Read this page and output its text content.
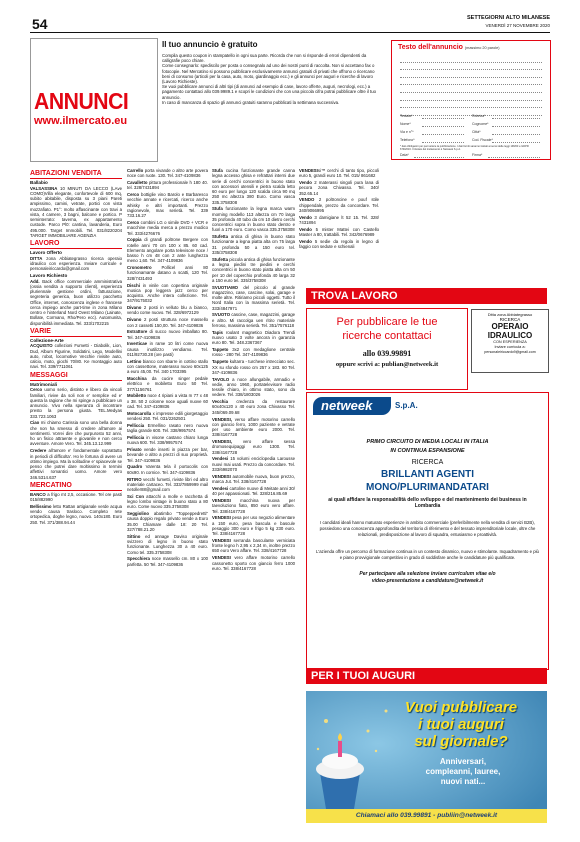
54	SETTEGIORNI ALTO MILANESE
VENERDÌ 27 NOVEMBRE 2020
ANNUNCI
www.ilmercato.eu
Il tuo annuncio è gratuito

Compila questo coupon in stampatello in ogni sua parte. Ricorda che non si risponde di errori dipendenti da calligrafie poco chiare.

Come consegnarlo: spediscilo per posta o consegnalo ad uno dei nostri punti di raccolta. Non si accettano fax o fotocopie. Nel Mercatino si possono pubblicare esclusivamente annunci gratuiti di privati che offrono o ricercano beni di consumo (articoli per la casa, auto, moto, giardinaggio ecc.) e gli annunci per auguri e ricerche di lavoro (Lavoro Richieste).

Se vuoi pubblicare annunci di altri tipi (di annunci ad esempio di case, lavoro offerte, auguri, necrologi, ecc.) a pagamento contattaci allo 039.9989.1 e scopri le condizioni che con una piccola cifra potrai pubblicare oltre il tuo annuncio.

In caso di mancanza di spazio gli annunci gratuiti saranno pubblicati la settimana successiva.

Testo dell'annuncio (massimo 20 parole)
Testata*	Rubrica*
Nome*	Cognome*
Via e n°*	Città*
Telefono*	Cod. Fiscale*
* dati obbligatori per permettere la pubblicazione. I dati forniti saranno trattati ai sensi delle leggi 196/03 e GDPR 679/2016. Il titolare del trattamento è Netweek S.p.A.
Data*	Firma*
ABITAZIONI VENDITA
Ballabio

VALSASSINA 10 MINUTI DA LECCO (LAve COMO)Villa elegante, confortevole di 600 mq, subito abitabile, disposta su 3 piani Pareti ampissimo, camini, vetrate, portici con vista mozzafiato. P1°: molto affascinante con travi a vista, 4 camere, 3 bagni, balcone e portico. P seminterrato: taverna, ex appartamento custode. Parco Pl0: cantina, lavanderia, Euro 495.000. Target Immobili. Tel. 031/8220204 TARGET IMMOBILIARE AGENZIA

LAVORO
Lavoro Offerto

DITTA zona Abbiategrasso ricerca operaio idraulico con esperienza. Inviare curricule e personaleiriccardo@gmail.com

Lavoro Richiesto

Add. Back office commerciale amministrativa (ossia vendita a supporto clienti), esperienza pluriennale gestione ordini, fatturazione, segreteria generica, buon utilizzo pacchetto Office, internet, conoscenza inglese e francese cerca impiego anche part-time in zona Milano centro e hinterland Nord Ovest Milano (Lainate, Bollate, Cormano, Rho/Pero ecc). Automunita, disponibilità immediata. Tel. 333/1702215

VARIE
Collezione-Arte

ACQUISTO collezioni Fumetti - Diabolik, Lion, Dud, Album Figurine, Soldatini, Lego, Modellini auto, robot, locomotive Vecchie rivisite auto, calcio, moto, giochi 70/80. Ke montaggio auto navi. Tel. 339/7711061

MESSAGGI
Matrimoniali

Cerco uomo serio, distinto e libero da vincoli familiari, rivive da soli non e' semplice ed e' questa la ragione che mi spinge a pubblicare un annuncio. Vivo nella speranza di incontrare presto la persona giusta. TEL.Medyas 333.723.1063

Ciao mi chiamo Carissia sono una bella donna che non ha smesso di credere all'amore ai sentimenti. Vorrei dire che purpurosto 52 anni, ho un fisico attraente e giovanile e non cerco avventure. Amore Vero. Tel. 345.13.12.999

Credere all'amore e' fondamentale soprattutto in periodi di difficolta'. Ho le fortuna di avere un ottimo impiego. Ma la solitudine e' spiacevole se penso che potrei dare moltissimo in termini affettivi romantici uomo. Amore vero 346.5314.637

MERCATINO

BANCO a frigo mt 2,5, occasione. Tel ore pasti 015/882990

Bellissimo letto Rattan artigianale verde acqua vendo causa trasloco. Completo rete ortopedica, doghe legno, nuovo. 140x180. Euro 250. Tel. 371/388.94.44

Carrello porta vivande o altro arte povera noce con ruote. 130. Tel. 347-4109836

Cavalletto pittura professionale h 180 40. tel. 328/7431894

Cerco bottiglie vino Barolo e Barbaresco vecchie annate e ricercati, ricerco anche whisky e altri importanti. Prezzo ragionevole, max serietà. Tel. 339 733.16.27

Cerco combini LG o simile DVD + VCR e macchine media merca a prezzo modico Tel. 333/4276676

Coppia di grandi poltrone Bergere con rotelle anni 70 cm 100 x 85. 60 cad. Elemento angolare porta televisore noce / basso h cm 48 con 2 ante lunghezza meno 1,60. Tel. 347-4109836

Cronometro Pollicel anni 80 funzionamante datano a scatti, 120 Tel. 328/7431493

Dischi in vinile con copertina originale musica pop leggera jazz cerco per acquisto. Anche intera collezione. Tel. 347/9175032

Divano 2 posti in velluto blu a bianco, vendo come nuovo. Tel. 328/6972129

Divano 2 posti struttura noce massello con 2 cassetti 150,00. Tel. 347-4109836

Estrattore di succo nuovo imballato 80. Tel. 347-4109836

Inverticae in rame 10 litri come nuova causa inutilizzo vendiamo. Tel. 011/92730.28 (ore pasti)

Lettino bianco con sbarre in cottino stallo con cassettone, materasso nuovo 60x125 a euro 45,00. Tel. 340 1703395

Macchina da cucire singer pedale elettrico e mobiletto Euro 50 Tel. 377/1156761

Mobiletto noce 4 ripiani a vista m 77 x 48 x 38. 50 2 colonne noce uguali nuove 60 cad. Tel. 347-4109836

Motocarolla x impresse edili giorgetaggio vendesi 250. Tel. 031/2262501

Pelliccia Ermellino rasato nero nuova taglia grande 600. Tel. 338/9957574

Pelliccia in visone castano chiaro lunga nuova 600. Tel. 338/9957574

Privato vende inserti in piazza per bar, bevande o altro a prezzi di suo proprietà. Tel. 347-4109836

Quadro Varenta tela il portocolis con 60x90. In cornice. Tel. 347-4109836

RITIRO vecchi fumetti, riviste libri ed altro materiale cartaceo. Tel. 333/7869999 mail netoller88@gmail.com

Sci Con attacchi a molle e racchetta di legno lombo vintage in buono stato a 80 euro. Come nuovo 335.3758308

Seggiolino abatimbo "Toppeppedretti" causa doppio regalo privato vende a Euro 35.00 Chiamare dalle 18: 20 Tel. 327/788.21.20

Sittino ed annage Daviso originale svizzero di legno in buono stato funzionante. Lunghezza 30 a 40 euro. Como tel. 335.3758308

Specchiera noce massello cm. 80 x 100 parfetta. 50 Tel. 347-4109836

Stufa cucina funzionante grande canna legna accesso ghisa e refrattari interni due serie di cerchi concentrici in buono stato con accessori utensili e pietra scalda letto 60 euro per lungo 120 scalda circa 90 mq 250 mc altezza 380 Euro. Como vasca 335.3758308

Stufa funzionante la legna marca warm morning modello 113 altezza cm 70 larga 35 profonda 40 tubo da cm 10 dietro cerchi concentrici sopra in buono stato dentro e fuori a 170 euro. Como vasca 335.3758308

Stufetta antica di ghisa in buono stato funzionante a legna piatta alta cm 75 larga 31 profonda 50 a 150 euro tel. 335/3758308

Stufetta piccola antica di ghisa funzionante a legna piedini tre piedini e cerchi concentrici in buono stato piatta alta cm 50 per 10 del coperchio profonda 40 larga 32 a 150 euro tel. 335/3758308

SVUOTIAMO del piccolo al grande magazzino, case, cascine, solai, garage e molte altre. Ritiriamo piccoli oggetti. Tutto il Nord Italia con la massima serietà. Tel. 333/4847971

SVUOTO cascine, case, magazzini, garage e altro. Mi raccolga uen ritiro materiale ferroso, massima serietà. Tel. 351/7576118

Tapis roulant magnetico Diadora Trendi nuovo usato 3 volte ancora in garanzia euro 80. Tel. 348.2367367

Tappeto 3x2 con medaglione centrale rosso - 280 Tel. 347-4109836

Tappeto kultarra - turchese intrecciato sec. XX su sfondo rosso cm 257 x 183. 60 Tel. 347-4109836

TAVOLO a noce allungabile, armadio e vedie, anno 1960, portatelevisore radio tessile chiaro, in ottimo stato, sono da vedere. Tel. 338/1803026

Vecchia credenza da restaurare 60x40x120 x 40 euro zona Chivasso Tel. 345/069.09.68

VENDESI, verso affare motorino carrello con giancio ferro, 1000 paziente e vetrate per uso ambiente euro 2000. Tel. 338/4167728

VENDESI, vero affare sessa dromosequipaggi euro 1300. Tel. 338/4167728

Vendesi 15 volumi enciclopedia Larousse nuovi mai usati. Prezzo da concordare. Tel. 333/6982070

VENDESI automobile nuova, buon prezzo, marca Jut. Tel. 338/4167728

Vendesi cartoline nuove di Meitate anni 30/ 40 per appassionati. Tel. 328/216.85.69

VENDESI macchina nuova per taevoluziono fiato, 850 euro vero affare. Tel. 338/4167728

VENDESI pesa per uso negozio alimentare a 150 euro, pesa bascula e bascule pesaggio 300 euro e frigo 5 kg 230 euro. Tel. 338/4167728

VENDESI serranda basculante verniciata fronte legno h 2,95 x 2,34 m, inoltre prezzo 650 euro Vero affare. Tel. 338/4167728

VENDESI vero affare motorino carrello cassonetto sporto con giancio ferro 1000 euro. Tel. 338/4167728

VENDESIsi™ cerchi di tanto tipo, piccoli euro 5, grandi euro 10. Tel. 015/ 861682

Vendo 2 materassi singoli pura lana di pecora zona Chivasso. Tel. 340/ 352.65.14

VENDO 2 poltroncine e pouf stile chippendale, prezzo da concordare. Tel. 340/9066995

Vendo 3 damigiane lt 52 15. Tel. 328/ 7431894

Vendo 5 mister Mattei con Castello Master a 80, trattabili. Tel. 342/0676989

Vendo 5 sedie da regola in legno di faggio con sedute e schienali

TROVA LAVORO
Per pubblicare le tue
ricerche contattaci
allo 039.99891
oppure scrivi a: publian@netweek.it
Ditta zona Abbiategrasso
RICERCA
OPERAIO
IDRAULICO
CON ESPERIENZA
Inviare curricula a:
personaleiriccardo9@gmail.com
netweek	S.p.A.
PRIMO CIRCUITO DI MEDIA LOCALI IN ITALIA
IN CONTINUA ESPANSIONE
RICERCA
BRILLANTI AGENTI
MONO/PLURIMANDATARI
ai quali affidare la responsabilità dello sviluppo e del mantenimento dei business in Lombardia
I candidati ideali hanno maturato esperienze in ambito commerciale (preferibilmente nella vendita di servizi B2B), possiedono una conoscenza approfondita del territorio di riferimento e del tessuto imprenditoriale locale, oltre che relazionali, predisposizione al lavoro di squadra, entusiasmo e proattività.
L'azienda offre un percorso di formazione continua in un contesto dinamico, nuovo e stimolante. Inquadramento e più e piano provvigionale competitivo in grado di soddisfare anche le candidature più qualificate.
Per partecipare alla selezione inviare curriculum vitae e/o
video-presentazione a candidature@netweek.it
PER I TUOI AUGURI
Vuoi pubblicare
i tuoi auguri
sul giornale?
Anniversari,
compleanni, lauree,
nuovi nati...
Chiamaci allo 039.99891 - publiin@netweek.it
